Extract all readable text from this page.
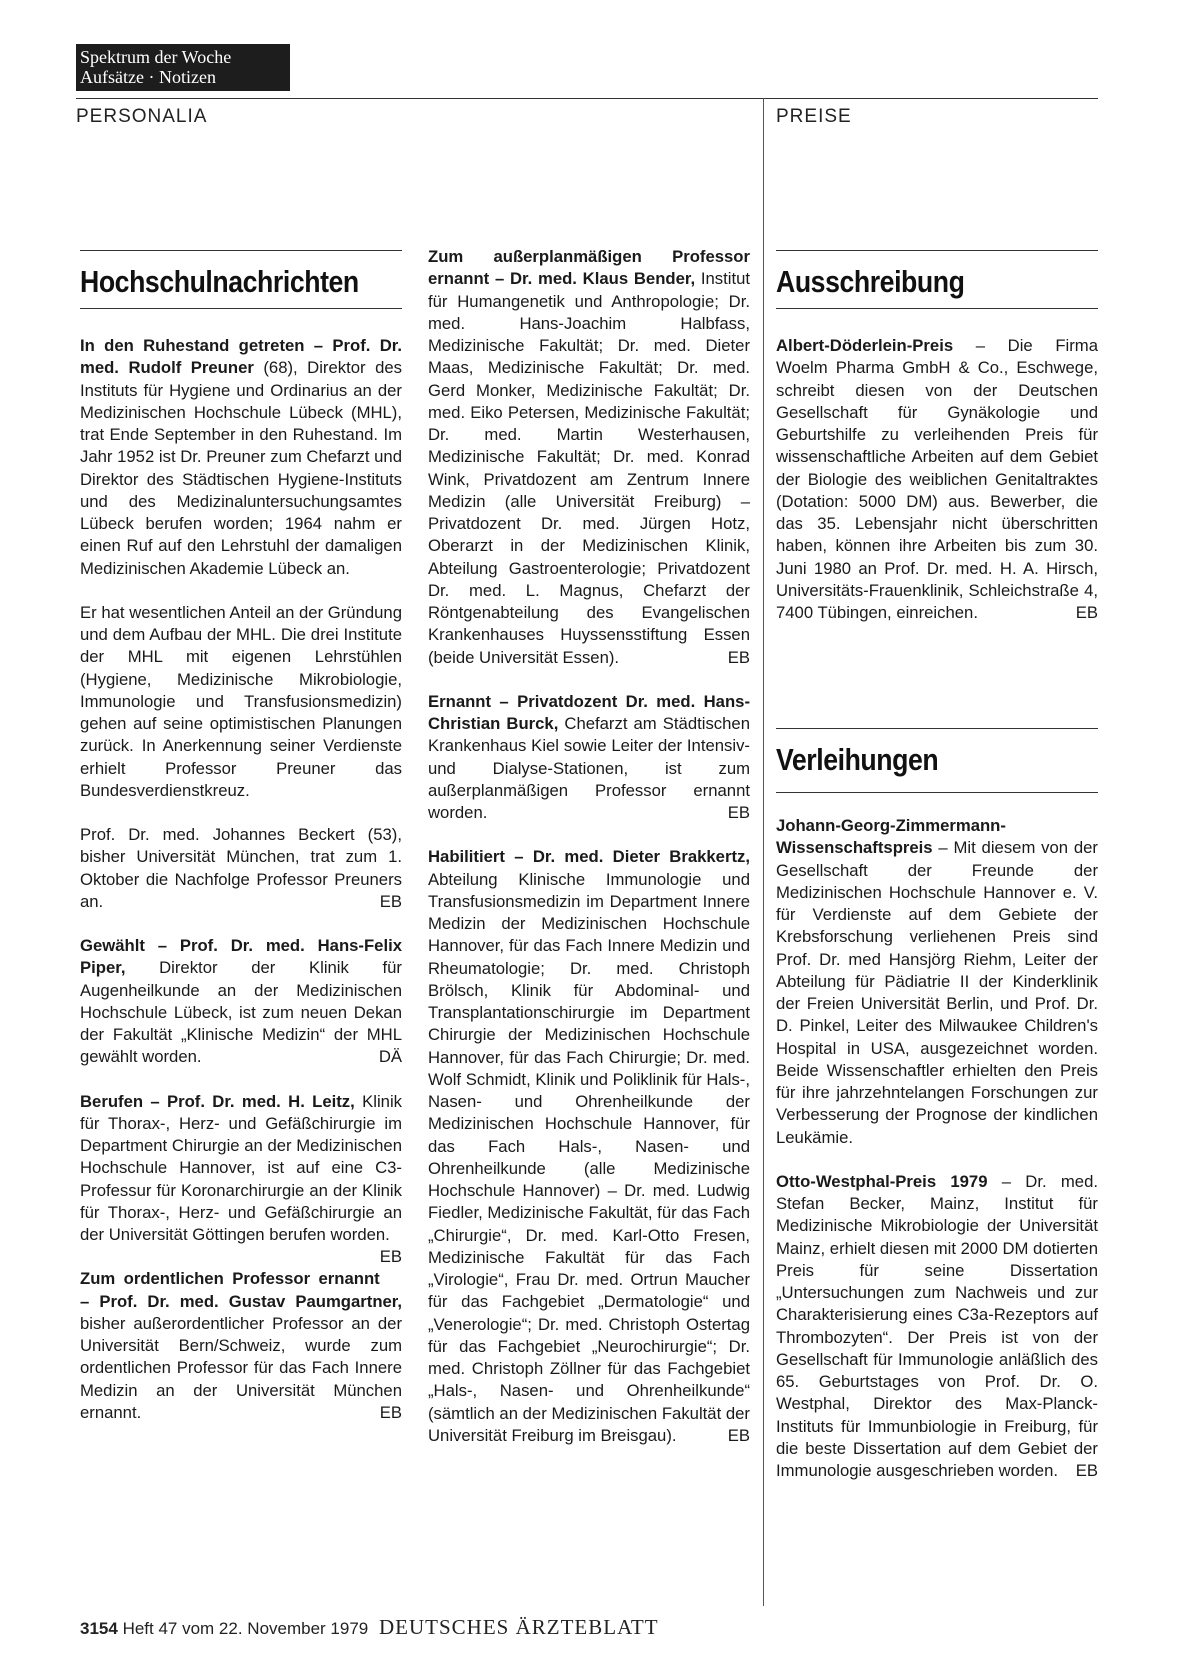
Spektrum der Woche
Aufsätze · Notizen
PERSONALIA	PREISE
Hochschulnachrichten	Ausschreibung
Verleihungen

In den Ruhestand getreten – Prof. Dr. med. Rudolf Preuner (68), Direktor des Instituts für Hygiene und Ordinarius an der Medizinischen Hochschule Lübeck (MHL), trat Ende September in den Ruhestand. Im Jahr 1952 ist Dr. Preuner zum Chefarzt und Direktor des Städtischen Hygiene-Instituts und des Medizinaluntersuchungsamtes Lübeck berufen worden; 1964 nahm er einen Ruf auf den Lehrstuhl der damaligen Medizinischen Akademie Lübeck an.

Er hat wesentlichen Anteil an der Gründung und dem Aufbau der MHL. Die drei Institute der MHL mit eigenen Lehrstühlen (Hygiene, Medizinische Mikrobiologie, Immunologie und Transfusionsmedizin) gehen auf seine optimistischen Planungen zurück. In Anerkennung seiner Verdienste erhielt Professor Preuner das Bundesverdienstkreuz.

Prof. Dr. med. Johannes Beckert (53), bisher Universität München, trat zum 1. Oktober die Nachfolge Professor Preuners an.	EB

Gewählt – Prof. Dr. med. Hans-Felix Piper, Direktor der Klinik für Augenheilkunde an der Medizinischen Hochschule Lübeck, ist zum neuen Dekan der Fakultät „Klinische Medizin“ der MHL gewählt worden.	DÄ

Berufen – Prof. Dr. med. H. Leitz, Klinik für Thorax-, Herz- und Gefäßchirurgie im Department Chirurgie an der Medizinischen Hochschule Hannover, ist auf eine C3-Professur für Koronarchirurgie an der Klinik für Thorax-, Herz- und Gefäßchirurgie an der Universität Göttingen berufen worden.
EB

Zum ordentlichen Professor ernannt – Prof. Dr. med. Gustav Paumgartner, bisher außerordentlicher Professor an der Universität Bern/Schweiz, wurde zum ordentlichen Professor für das Fach Innere Medizin an der Universität München ernannt.	EB

Zum außerplanmäßigen Professor ernannt – Dr. med. Klaus Bender, Institut für Humangenetik und Anthropologie; Dr. med. Hans-Joachim Halbfass, Medizinische Fakultät; Dr. med. Dieter Maas, Medizinische Fakultät; Dr. med. Gerd Monker, Medizinische Fakultät; Dr. med. Eiko Petersen, Medizinische Fakultät; Dr. med. Martin Westerhausen, Medizinische Fakultät; Dr. med. Konrad Wink, Privatdozent am Zentrum Innere Medizin (alle Universität Freiburg) – Privatdozent Dr. med. Jürgen Hotz, Oberarzt in der Medizinischen Klinik, Abteilung Gastroenterologie; Privatdozent Dr. med. L. Magnus, Chefarzt der Röntgenabteilung des Evangelischen Krankenhauses Huyssensstiftung Essen (beide Universität Essen).	EB

Ernannt – Privatdozent Dr. med. Hans-Christian Burck, Chefarzt am Städtischen Krankenhaus Kiel sowie Leiter der Intensiv- und Dialyse-Stationen, ist zum außerplanmäßigen Professor ernannt worden.	EB

Habilitiert – Dr. med. Dieter Brakkertz, Abteilung Klinische Immunologie und Transfusionsmedizin im Department Innere Medizin der Medizinischen Hochschule Hannover, für das Fach Innere Medizin und Rheumatologie; Dr. med. Christoph Brölsch, Klinik für Abdominal- und Transplantationschirurgie im Department Chirurgie der Medizinischen Hochschule Hannover, für das Fach Chirurgie; Dr. med. Wolf Schmidt, Klinik und Poliklinik für Hals-, Nasen- und Ohrenheilkunde der Medizinischen Hochschule Hannover, für das Fach Hals-, Nasen- und Ohrenheilkunde (alle Medizinische Hochschule Hannover) – Dr. med. Ludwig Fiedler, Medizinische Fakultät, für das Fach „Chirurgie“, Dr. med. Karl-Otto Fresen, Medizinische Fakultät für das Fach „Virologie“, Frau Dr. med. Ortrun Maucher für das Fachgebiet „Dermatologie“ und „Venerologie“; Dr. med. Christoph Ostertag für das Fachgebiet „Neurochirurgie“; Dr. med. Christoph Zöllner für das Fachgebiet „Hals-, Nasen- und Ohrenheilkunde“ (sämtlich an der Medizinischen Fakultät der Universität Freiburg im Breisgau).	EB

Albert-Döderlein-Preis – Die Firma Woelm Pharma GmbH & Co., Eschwege, schreibt diesen von der Deutschen Gesellschaft für Gynäkologie und Geburtshilfe zu verleihenden Preis für wissenschaftliche Arbeiten auf dem Gebiet der Biologie des weiblichen Genitaltraktes (Dotation: 5000 DM) aus. Bewerber, die das 35. Lebensjahr nicht überschritten haben, können ihre Arbeiten bis zum 30. Juni 1980 an Prof. Dr. med. H. A. Hirsch, Universitäts-Frauenklinik, Schleichstraße 4, 7400 Tübingen, einreichen.	EB

Johann-Georg-Zimmermann-Wissenschaftspreis – Mit diesem von der Gesellschaft der Freunde der Medizinischen Hochschule Hannover e. V. für Verdienste auf dem Gebiete der Krebsforschung verliehenen Preis sind Prof. Dr. med Hansjörg Riehm, Leiter der Abteilung für Pädiatrie II der Kinderklinik der Freien Universität Berlin, und Prof. Dr. D. Pinkel, Leiter des Milwaukee Children's Hospital in USA, ausgezeichnet worden. Beide Wissenschaftler erhielten den Preis für ihre jahrzehntelangen Forschungen zur Verbesserung der Prognose der kindlichen Leukämie.

Otto-Westphal-Preis 1979 – Dr. med. Stefan Becker, Mainz, Institut für Medizinische Mikrobiologie der Universität Mainz, erhielt diesen mit 2000 DM dotierten Preis für seine Dissertation „Untersuchungen zum Nachweis und zur Charakterisierung eines C3a-Rezeptors auf Thrombozyten“. Der Preis ist von der Gesellschaft für Immunologie anläßlich des 65. Geburtstages von Prof. Dr. O. Westphal, Direktor des Max-Planck-Instituts für Immunbiologie in Freiburg, für die beste Dissertation auf dem Gebiet der Immunologie ausgeschrieben worden. EB

3154 Heft 47 vom 22. November 1979 DEUTSCHES ÄRZTEBLATT
